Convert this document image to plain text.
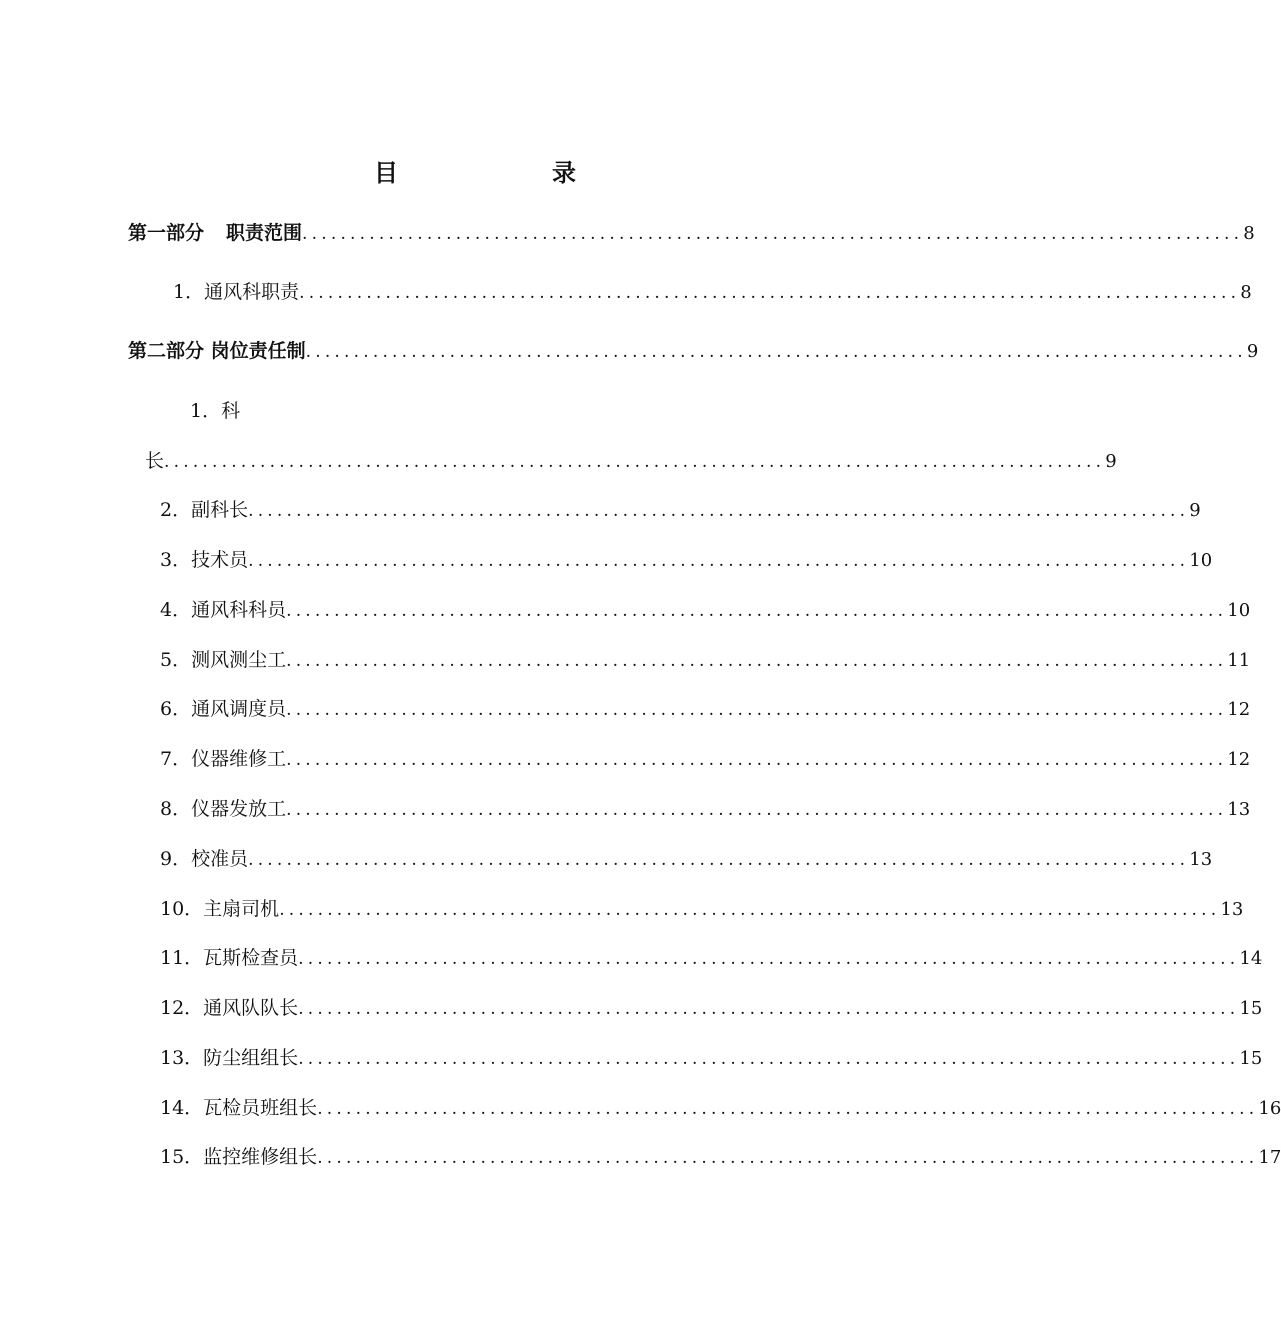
目	录
第一部分 职责范围 .................................................................................................. 8
1．通风科职责 .................................................................................................. 8
第二部分 岗位责任制 .................................................................................................. 9
1．科
长 .................................................................................................. 9
2．副科长 .................................................................................................. 9
3．技术员 .................................................................................................. 10
4．通风科科员 .................................................................................................. 10
5．测风测尘工 .................................................................................................. 11
6．通风调度员 .................................................................................................. 12
7．仪器维修工 .................................................................................................. 12
8．仪器发放工 .................................................................................................. 13
9．校准员 .................................................................................................. 13
10．主扇司机 .................................................................................................. 13
11．瓦斯检查员 .................................................................................................. 14
12．通风队队长 .................................................................................................. 15
13．防尘组组长 .................................................................................................. 15
14．瓦检员班组长 .................................................................................................. 16
15．监控维修组长 .................................................................................................. 17
